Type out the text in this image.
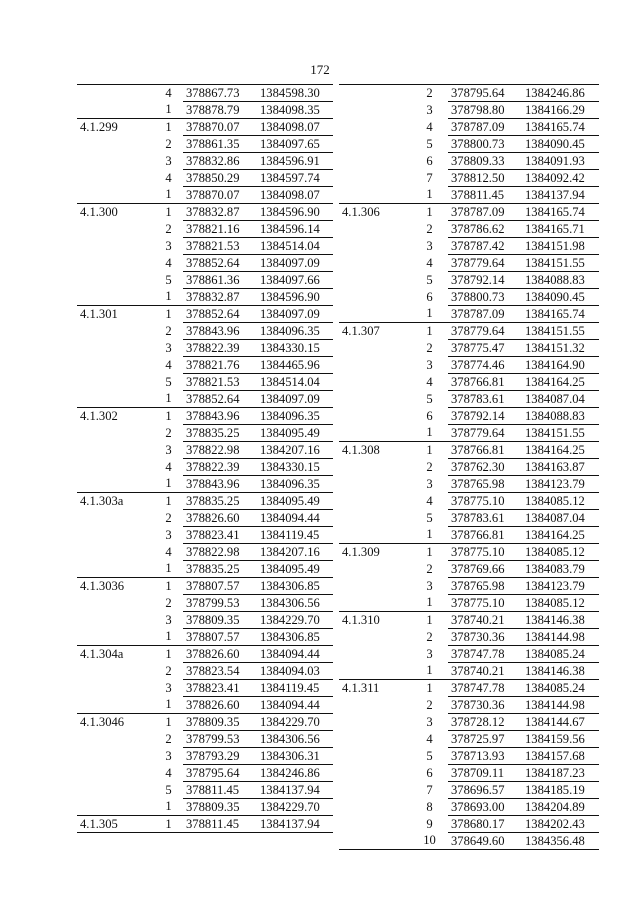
172
	4	378867.73	1384598.30
	1	378878.79	1384098.35
4.1.299	1	378870.07	1384098.07
	2	378861.35	1384097.65
	3	378832.86	1384596.91
	4	378850.29	1384597.74
	1	378870.07	1384098.07
4.1.300	1	378832.87	1384596.90
	2	378821.16	1384596.14
	3	378821.53	1384514.04
	4	378852.64	1384097.09
	5	378861.36	1384097.66
	1	378832.87	1384596.90
4.1.301	1	378852.64	1384097.09
	2	378843.96	1384096.35
	3	378822.39	1384330.15
	4	378821.76	1384465.96
	5	378821.53	1384514.04
	1	378852.64	1384097.09
4.1.302	1	378843.96	1384096.35
	2	378835.25	1384095.49
	3	378822.98	1384207.16
	4	378822.39	1384330.15
	1	378843.96	1384096.35
4.1.303a	1	378835.25	1384095.49
	2	378826.60	1384094.44
	3	378823.41	1384119.45
	4	378822.98	1384207.16
	1	378835.25	1384095.49
4.1.3036	1	378807.57	1384306.85
	2	378799.53	1384306.56
	3	378809.35	1384229.70
	1	378807.57	1384306.85
4.1.304a	1	378826.60	1384094.44
	2	378823.54	1384094.03
	3	378823.41	1384119.45
	1	378826.60	1384094.44
4.1.3046	1	378809.35	1384229.70
	2	378799.53	1384306.56
	3	378793.29	1384306.31
	4	378795.64	1384246.86
	5	378811.45	1384137.94
	1	378809.35	1384229.70
4.1.305	1	378811.45	1384137.94
	2	378795.64	1384246.86
	3	378798.80	1384166.29
	4	378787.09	1384165.74
	5	378800.73	1384090.45
	6	378809.33	1384091.93
	7	378812.50	1384092.42
	1	378811.45	1384137.94
4.1.306	1	378787.09	1384165.74
	2	378786.62	1384165.71
	3	378787.42	1384151.98
	4	378779.64	1384151.55
	5	378792.14	1384088.83
	6	378800.73	1384090.45
	1	378787.09	1384165.74
4.1.307	1	378779.64	1384151.55
	2	378775.47	1384151.32
	3	378774.46	1384164.90
	4	378766.81	1384164.25
	5	378783.61	1384087.04
	6	378792.14	1384088.83
	1	378779.64	1384151.55
4.1.308	1	378766.81	1384164.25
	2	378762.30	1384163.87
	3	378765.98	1384123.79
	4	378775.10	1384085.12
	5	378783.61	1384087.04
	1	378766.81	1384164.25
4.1.309	1	378775.10	1384085.12
	2	378769.66	1384083.79
	3	378765.98	1384123.79
	1	378775.10	1384085.12
4.1.310	1	378740.21	1384146.38
	2	378730.36	1384144.98
	3	378747.78	1384085.24
	1	378740.21	1384146.38
4.1.311	1	378747.78	1384085.24
	2	378730.36	1384144.98
	3	378728.12	1384144.67
	4	378725.97	1384159.56
	5	378713.93	1384157.68
	6	378709.11	1384187.23
	7	378696.57	1384185.19
	8	378693.00	1384204.89
	9	378680.17	1384202.43
	10	378649.60	1384356.48
